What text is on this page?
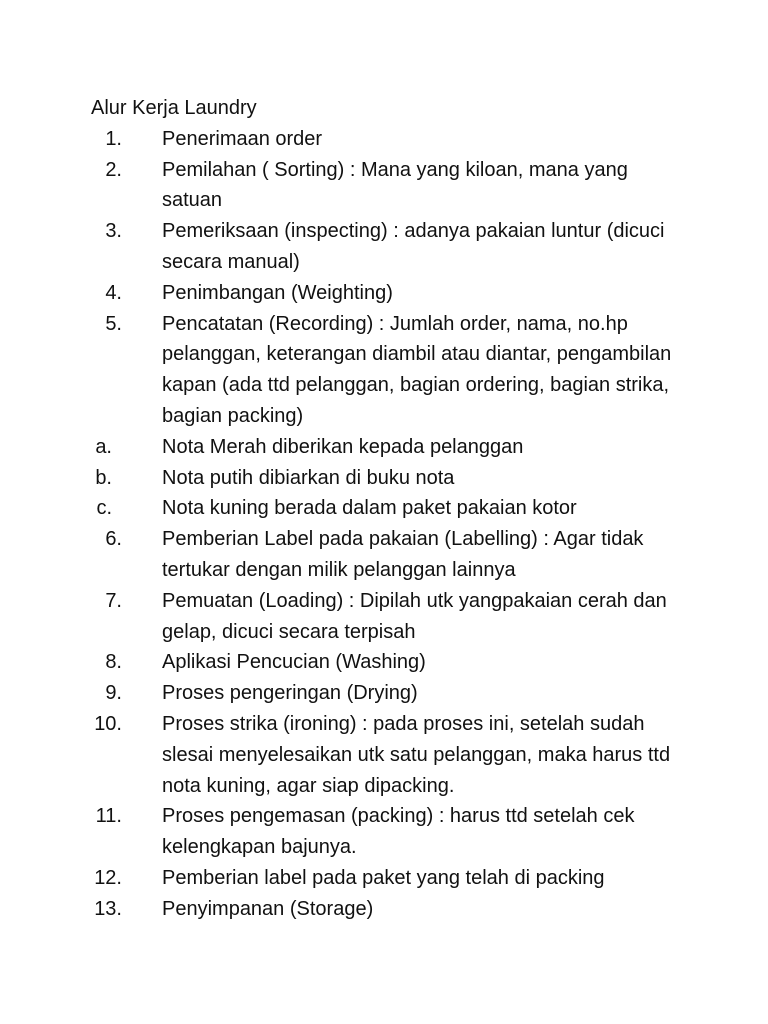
Alur Kerja Laundry
1. Penerimaan order
2. Pemilahan ( Sorting) : Mana yang kiloan, mana yang satuan
3. Pemeriksaan (inspecting) : adanya pakaian luntur (dicuci secara manual)
4. Penimbangan (Weighting)
5. Pencatatan (Recording) : Jumlah order, nama, no.hp pelanggan, keterangan diambil atau diantar, pengambilan kapan (ada ttd pelanggan, bagian ordering, bagian strika, bagian packing)
a.	Nota Merah diberikan kepada pelanggan
b.	Nota putih dibiarkan di buku nota
c.	Nota kuning berada dalam paket pakaian kotor
6. Pemberian Label pada pakaian (Labelling) : Agar tidak tertukar dengan milik pelanggan lainnya
7. Pemuatan (Loading) : Dipilah utk yangpakaian cerah dan gelap, dicuci secara terpisah
8. Aplikasi Pencucian (Washing)
9. Proses pengeringan (Drying)
10. Proses strika (ironing) : pada proses ini, setelah sudah slesai menyelesaikan utk satu pelanggan, maka harus ttd nota kuning, agar siap dipacking.
11. Proses pengemasan (packing) : harus ttd setelah cek kelengkapan bajunya.
12. Pemberian label pada paket yang telah di packing
13. Penyimpanan (Storage)
